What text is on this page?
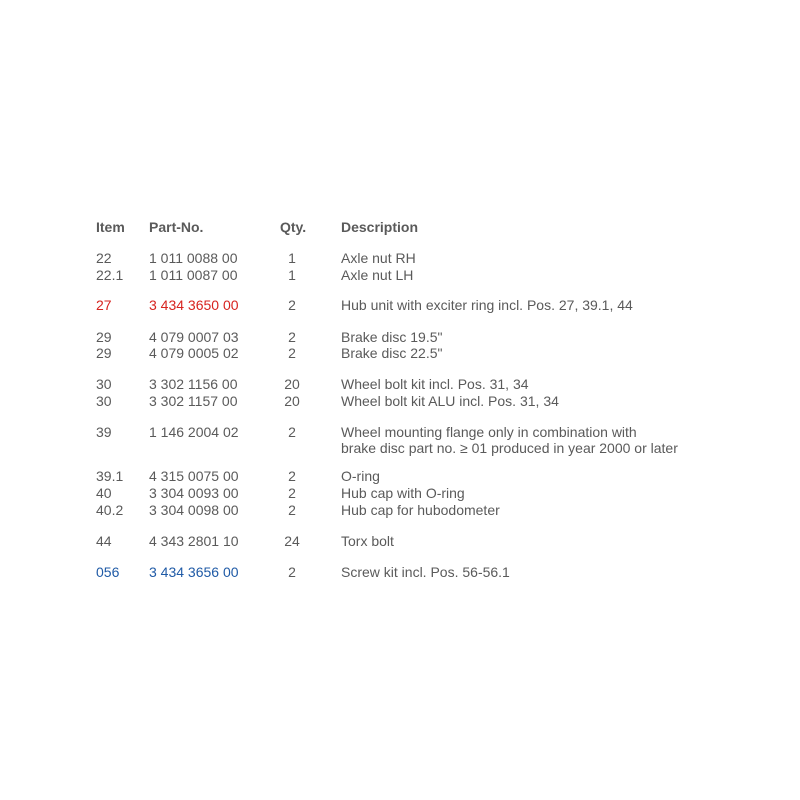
Item Part-No.	Qty. Description
22	1 011 0088 00	1	Axle nut RH
22.1 1 011 0087 00	1	Axle nut LH
27	3 434 3650 00	2	Hub unit with exciter ring incl. Pos. 27, 39.1, 44
29	4 079 0007 03	2	Brake disc 19.5"
29	4 079 0005 02	2	Brake disc 22.5"
30	3 302 1156 00	20	Wheel bolt kit incl. Pos. 31, 34
30	3 302 1157 00	20	Wheel bolt kit ALU incl. Pos. 31, 34
39	1 146 2004 02	2	Wheel mounting flange only in combination with
brake disc part no. ≥ 01 produced in year 2000 or later
39.1 4 315 0075 00	2	O-ring
40	3 304 0093 00	2	Hub cap with O-ring
40.2 3 304 0098 00	2	Hub cap for hubodometer
44	4 343 2801 10	24	Torx bolt
056 3 434 3656 00	2	Screw kit incl. Pos. 56-56.1
